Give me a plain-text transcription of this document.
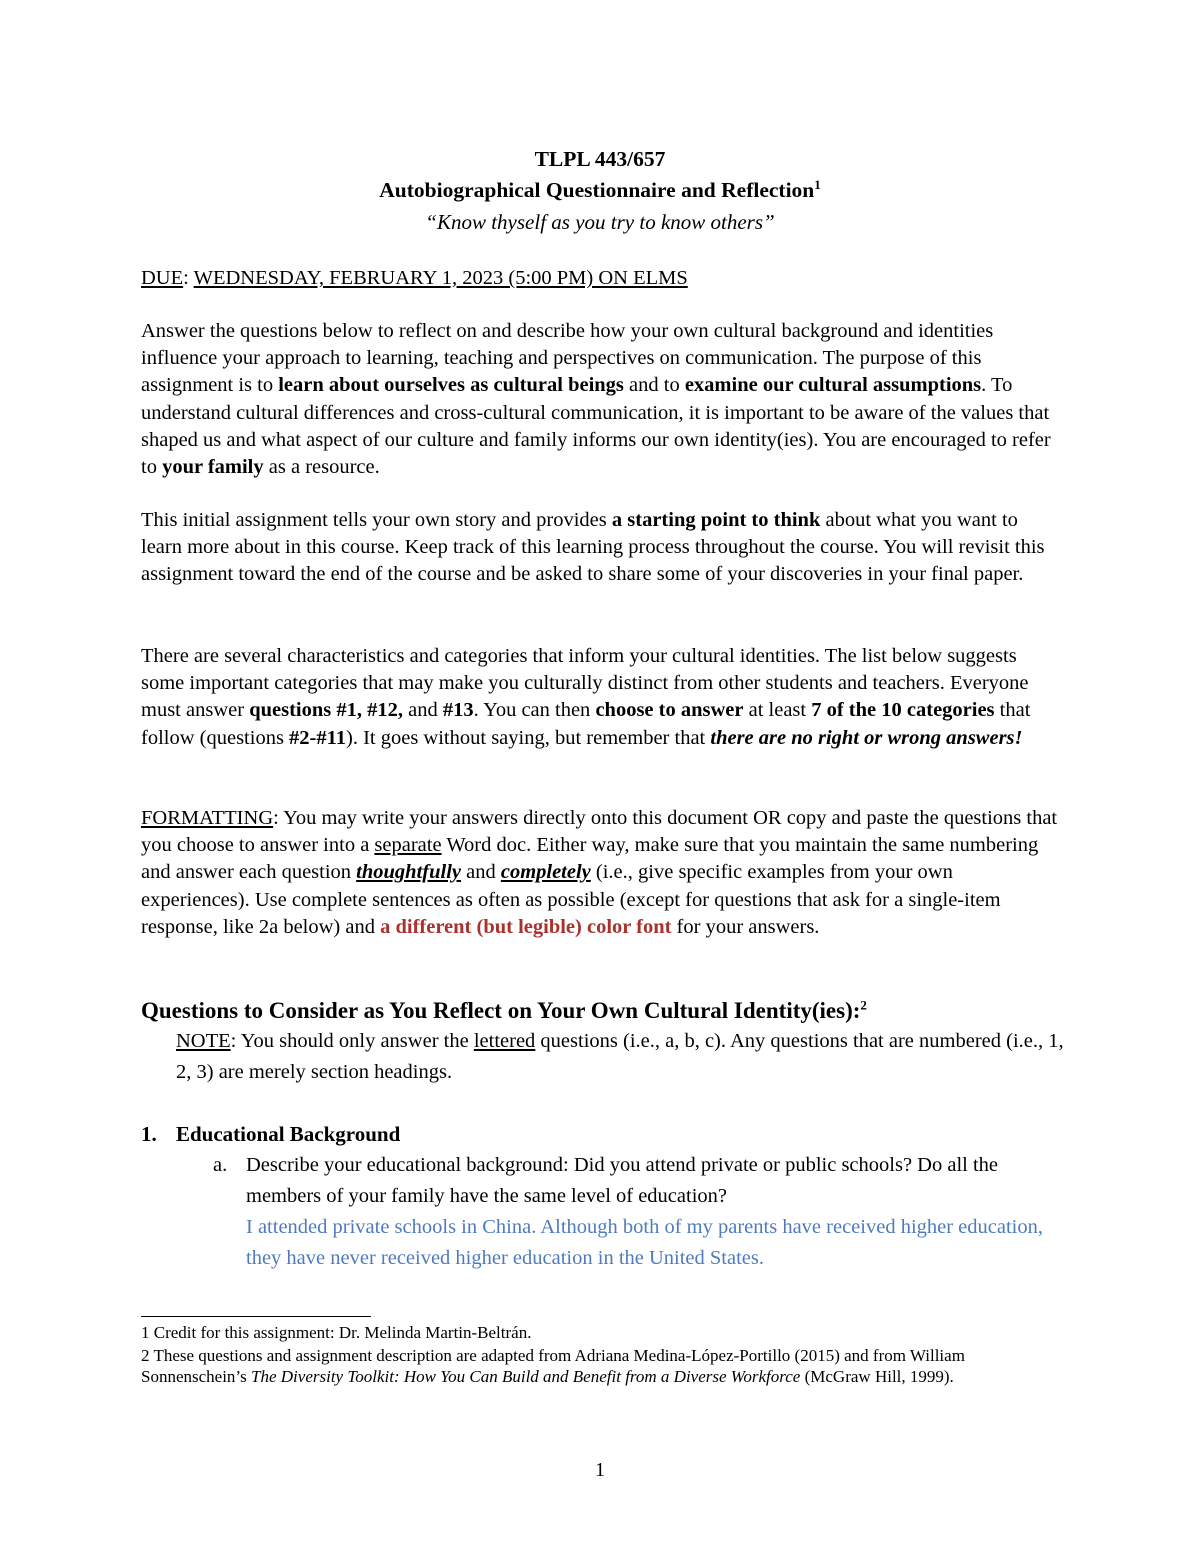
TLPL 443/657
Autobiographical Questionnaire and Reflection$^1$
“Know thyself as you try to know others”

DUE: WEDNESDAY, FEBRUARY 1, 2023 (5:00 PM) ON ELMS

Answer the questions below to reflect on and describe how your own cultural background and identities influence your approach to learning, teaching and perspectives on communication. The purpose of this assignment is to learn about ourselves as cultural beings and to examine our cultural assumptions. To understand cultural differences and cross-cultural communication, it is important to be aware of the values that shaped us and what aspect of our culture and family informs our own identity(ies). You are encouraged to refer to your family as a resource.

This initial assignment tells your own story and provides a starting point to think about what you want to learn more about in this course. Keep track of this learning process throughout the course. You will revisit this assignment toward the end of the course and be asked to share some of your discoveries in your final paper.

There are several characteristics and categories that inform your cultural identities. The list below suggests some important categories that may make you culturally distinct from other students and teachers. Everyone must answer questions #1, #12, and #13. You can then choose to answer at least 7 of the 10 categories that follow (questions #2-#11). It goes without saying, but remember that there are no right or wrong answers!

FORMATTING: You may write your answers directly onto this document OR copy and paste the questions that you choose to answer into a separate Word doc. Either way, make sure that you maintain the same numbering and answer each question thoughtfully and completely (i.e., give specific examples from your own experiences). Use complete sentences as often as possible (except for questions that ask for a single-item response, like 2a below) and a different (but legible) color font for your answers.

Questions to Consider as You Reflect on Your Own Cultural Identity(ies):$^2$
NOTE: You should only answer the lettered questions (i.e., a, b, c). Any questions that are numbered (i.e., 1, 2, 3) are merely section headings.
1. Educational Background
a. Describe your educational background: Did you attend private or public schools? Do all the members of your family have the same level of education?
I attended private schools in China. Although both of my parents have received higher education, they have never received higher education in the United States.
1 Credit for this assignment: Dr. Melinda Martin-Beltrán.
2 These questions and assignment description are adapted from Adriana Medina-López-Portillo (2015) and from William Sonnenschein’s The Diversity Toolkit: How You Can Build and Benefit from a Diverse Workforce (McGraw Hill, 1999).
1
